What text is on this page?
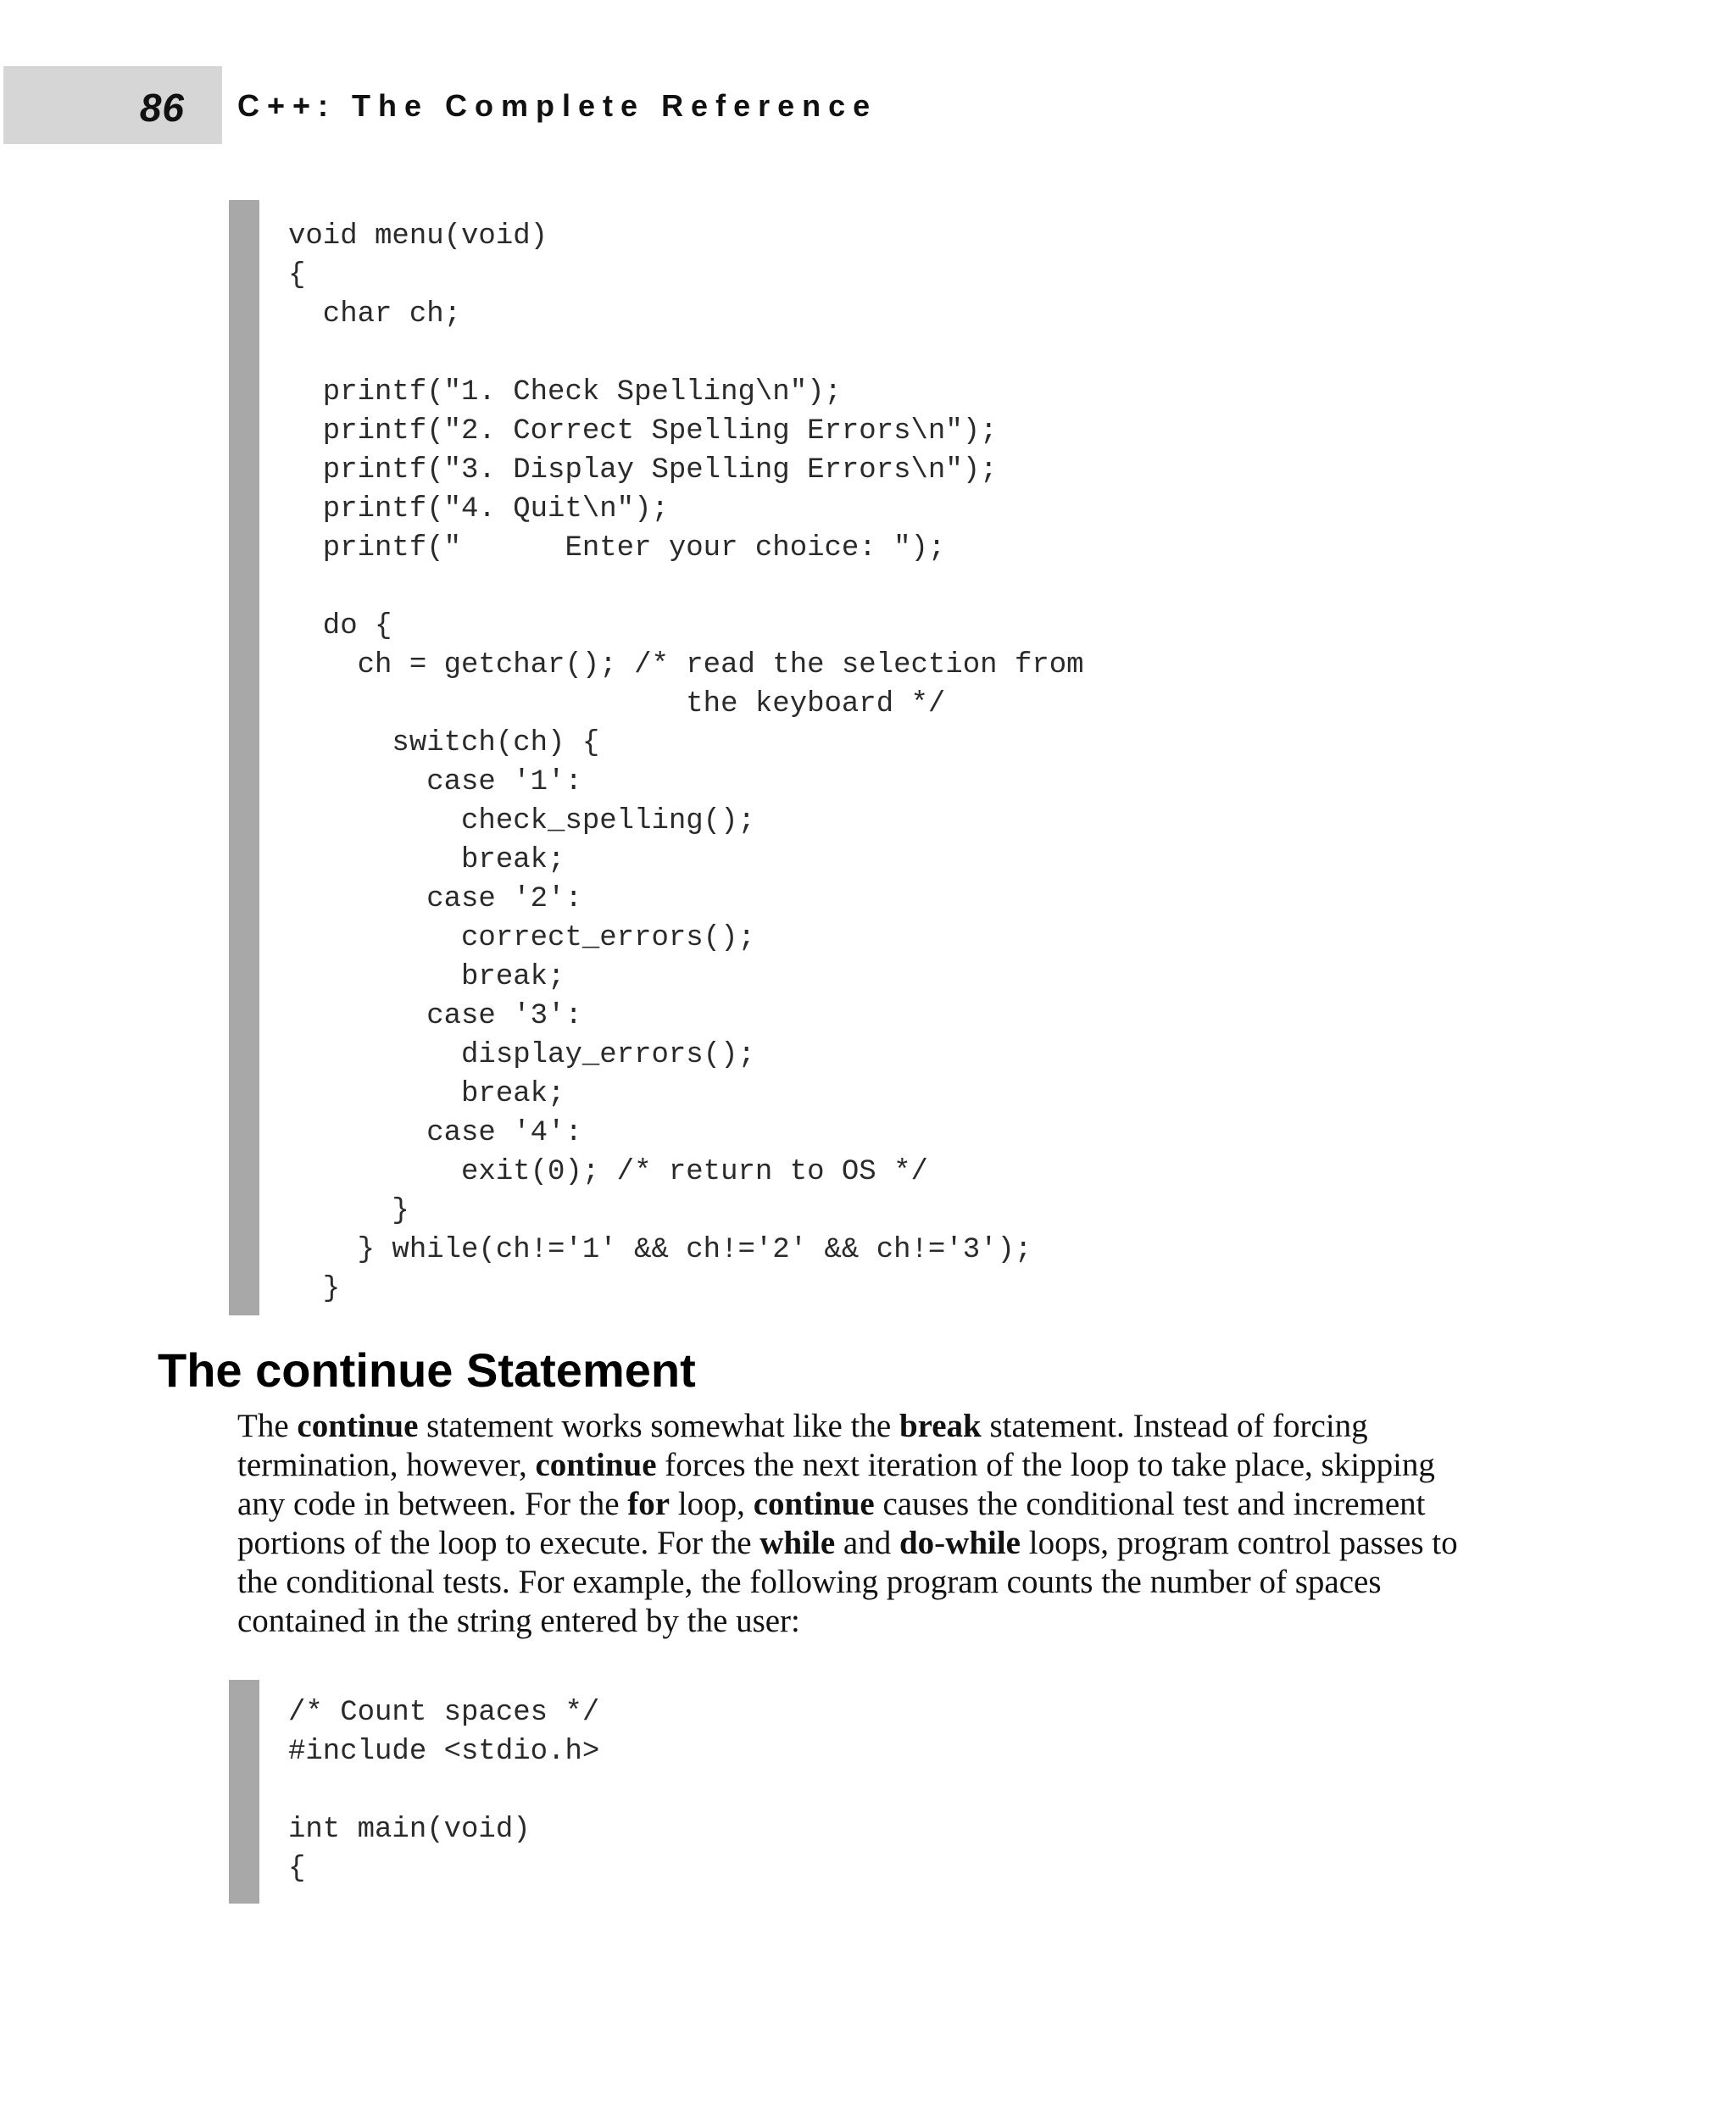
86 C++: The Complete Reference
void menu(void)
{
char ch;
printf("1. Check Spelling\n");
printf("2. Correct Spelling Errors\n");
printf("3. Display Spelling Errors\n");
printf("4. Quit\n");
printf("      Enter your choice: ");
do {
ch = getchar(); /* read the selection from
the keyboard */
switch(ch) {
case '1':
check_spelling();
break;
case '2':
correct_errors();
break;
case '3':
display_errors();
break;
case '4':
exit(0); /* return to OS */
}
} while(ch!='1' && ch!='2' && ch!='3');
}
The continue Statement

The continue statement works somewhat like the break statement. Instead of forcing termination, however, continue forces the next iteration of the loop to take place, skipping any code in between. For the for loop, continue causes the conditional test and increment portions of the loop to execute. For the while and do-while loops, program control passes to the conditional tests. For example, the following program counts the number of spaces contained in the string entered by the user:

/* Count spaces */
#include <stdio.h>
int main(void)
{
